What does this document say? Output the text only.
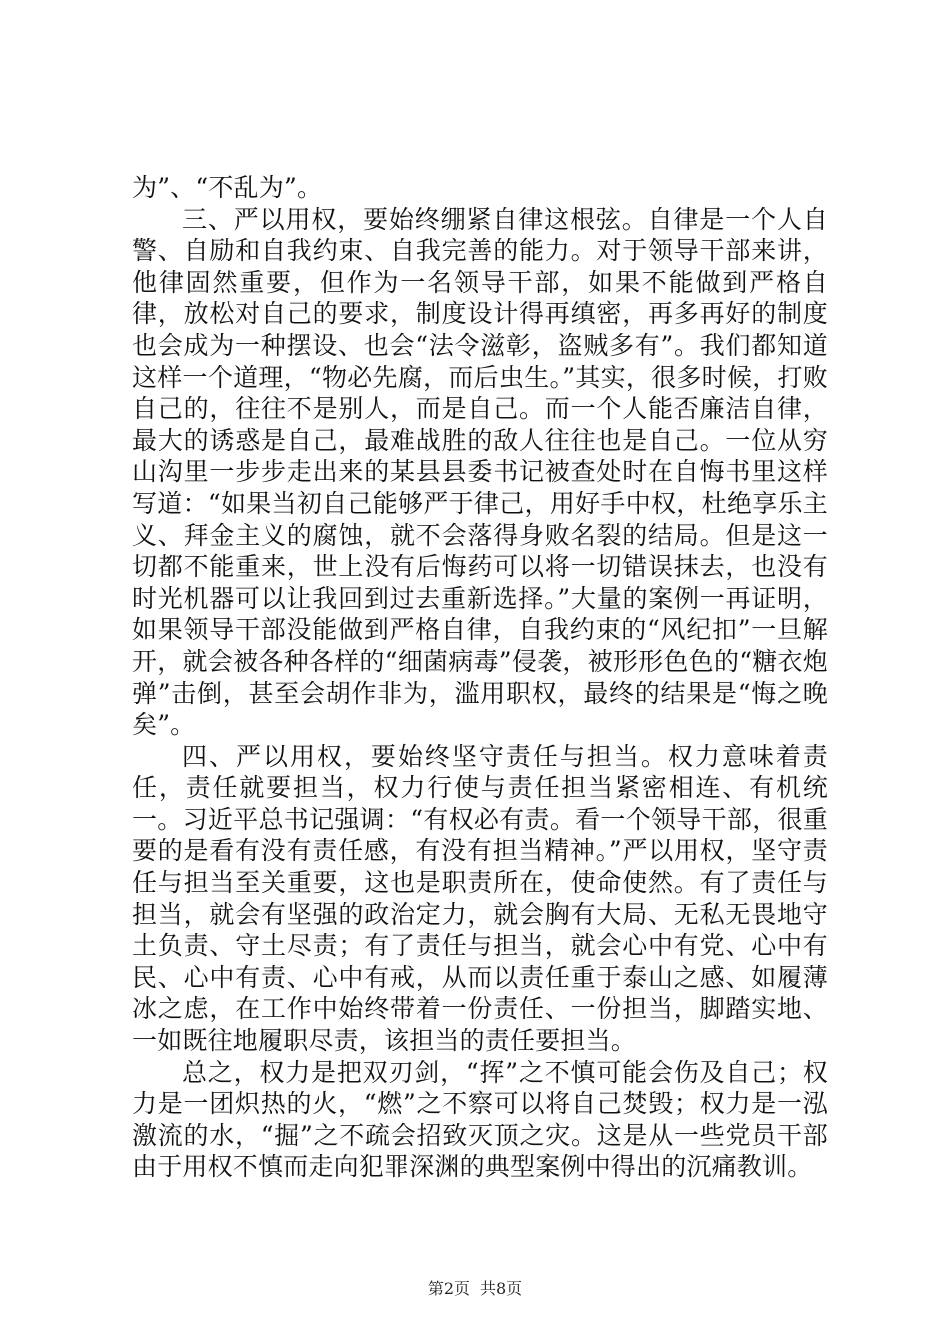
为”、“不乱为”。

三、严以用权，要始终绷紧自律这根弦。自律是一个人自警、自励和自我约束、自我完善的能力。对于领导干部来讲，他律固然重要，但作为一名领导干部，如果不能做到严格自律，放松对自己的要求，制度设计得再缜密，再多再好的制度也会成为一种摆设、也会“法令滋彰，盗贼多有”。我们都知道这样一个道理，“物必先腐，而后虫生。”其实，很多时候，打败自己的，往往不是别人，而是自己。而一个人能否廉洁自律，最大的诱惑是自己，最难战胜的敌人往往也是自己。一位从穷山沟里一步步走出来的某县县委书记被查处时在自悔书里这样写道：“如果当初自己能够严于律己，用好手中权，杜绝享乐主义、拜金主义的腐蚀，就不会落得身败名裂的结局。但是这一切都不能重来，世上没有后悔药可以将一切错误抹去，也没有时光机器可以让我回到过去重新选择。”大量的案例一再证明，如果领导干部没能做到严格自律，自我约束的“风纪扣”一旦解开，就会被各种各样的“细菌病毒”侵袭，被形形色色的“糖衣炮弹”击倒，甚至会胡作非为，滥用职权，最终的结果是“悔之晚矣”。

四、严以用权，要始终坚守责任与担当。权力意味着责任，责任就要担当，权力行使与责任担当紧密相连、有机统一。习近平总书记强调：“有权必有责。看一个领导干部，很重要的是看有没有责任感，有没有担当精神。”严以用权，坚守责任与担当至关重要，这也是职责所在，使命使然。有了责任与担当，就会有坚强的政治定力，就会胸有大局、无私无畏地守土负责、守土尽责；有了责任与担当，就会心中有党、心中有民、心中有责、心中有戒，从而以责任重于泰山之感、如履薄冰之虑，在工作中始终带着一份责任、一份担当，脚踏实地、一如既往地履职尽责，该担当的责任要担当。

总之，权力是把双刃剑，“挥”之不慎可能会伤及自己；权力是一团炽热的火，“燃”之不察可以将自己焚毁；权力是一泓激流的水，“掘”之不疏会招致灭顶之灾。这是从一些党员干部由于用权不慎而走向犯罪深渊的典型案例中得出的沉痛教训。

第2页 共8页
